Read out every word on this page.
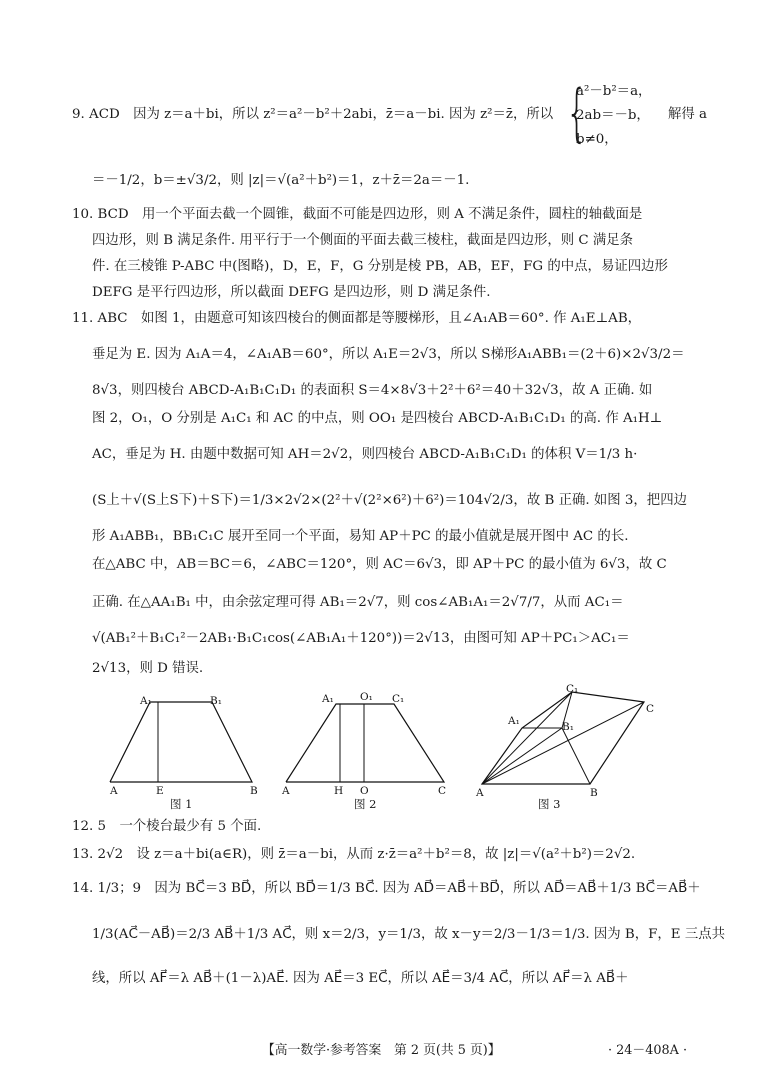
9. ACD　因为 z＝a＋bi，所以 z²＝a²－b²＋2abi，z̄＝a－bi. 因为 z²＝z̄，所以 {
a²－b²＝a，
2ab＝－b，
b≠0，
解得 a
＝－1/2，b＝±√3/2，则 |z|＝√(a²＋b²)＝1，z＋z̄＝2a＝－1.
10. BCD　用一个平面去截一个圆锥，截面不可能是四边形，则 A 不满足条件，圆柱的轴截面是
四边形，则 B 满足条件. 用平行于一个侧面的平面去截三棱柱，截面是四边形，则 C 满足条
件. 在三棱锥 P-ABC 中(图略)，D，E，F，G 分别是棱 PB，AB，EF，FG 的中点，易证四边形
DEFG 是平行四边形，所以截面 DEFG 是四边形，则 D 满足条件.
11. ABC　如图 1，由题意可知该四棱台的侧面都是等腰梯形，且∠A₁AB＝60°. 作 A₁E⊥AB，
垂足为 E. 因为 A₁A＝4，∠A₁AB＝60°，所以 A₁E＝2√3，所以 S梯形A₁ABB₁＝(2＋6)×2√3/2＝
8√3，则四棱台 ABCD-A₁B₁C₁D₁ 的表面积 S＝4×8√3＋2²＋6²＝40＋32√3，故 A 正确. 如
图 2，O₁，O 分别是 A₁C₁ 和 AC 的中点，则 OO₁ 是四棱台 ABCD-A₁B₁C₁D₁ 的高. 作 A₁H⊥
AC，垂足为 H. 由题中数据可知 AH＝2√2，则四棱台 ABCD-A₁B₁C₁D₁ 的体积 V＝1/3 h·
(S上＋√(S上S下)＋S下)＝1/3×2√2×(2²＋√(2²×6²)＋6²)＝104√2/3，故 B 正确. 如图 3，把四边
形 A₁ABB₁，BB₁C₁C 展开至同一个平面，易知 AP＋PC 的最小值就是展开图中 AC 的长.
在△ABC 中，AB＝BC＝6，∠ABC＝120°，则 AC＝6√3，即 AP＋PC 的最小值为 6√3，故 C
正确. 在△AA₁B₁ 中，由余弦定理可得 AB₁＝2√7，则 cos∠AB₁A₁＝2√7/7，从而 AC₁＝
√(AB₁²＋B₁C₁²－2AB₁·B₁C₁cos(∠AB₁A₁＋120°))＝2√13，由图可知 AP＋PC₁＞AC₁＝
2√13，则 D 错误.
A₁	B₁
A	E	B
图 1
A₁ O₁ C₁
A	H O	C
图 2
C₁
C
A₁	B₁
A	B
图 3
12. 5　一个棱台最少有 5 个面.
13. 2√2　设 z＝a＋bi(a∈R)，则 z̄＝a－bi，从而 z·z̄＝a²＋b²＝8，故 |z|＝√(a²＋b²)＝2√2.
14. 1/3；9　因为 BC⃗＝3 BD⃗，所以 BD⃗＝1/3 BC⃗. 因为 AD⃗＝AB⃗＋BD⃗，所以 AD⃗＝AB⃗＋1/3 BC⃗＝AB⃗＋
1/3(AC⃗－AB⃗)＝2/3 AB⃗＋1/3 AC⃗，则 x＝2/3，y＝1/3，故 x－y＝2/3－1/3＝1/3. 因为 B，F，E 三点共
线，所以 AF⃗＝λ AB⃗＋(1－λ)AE⃗. 因为 AE⃗＝3 EC⃗，所以 AE⃗＝3/4 AC⃗，所以 AF⃗＝λ AB⃗＋
【高一数学·参考答案　第 2 页(共 5 页)】	· 24－408A ·
